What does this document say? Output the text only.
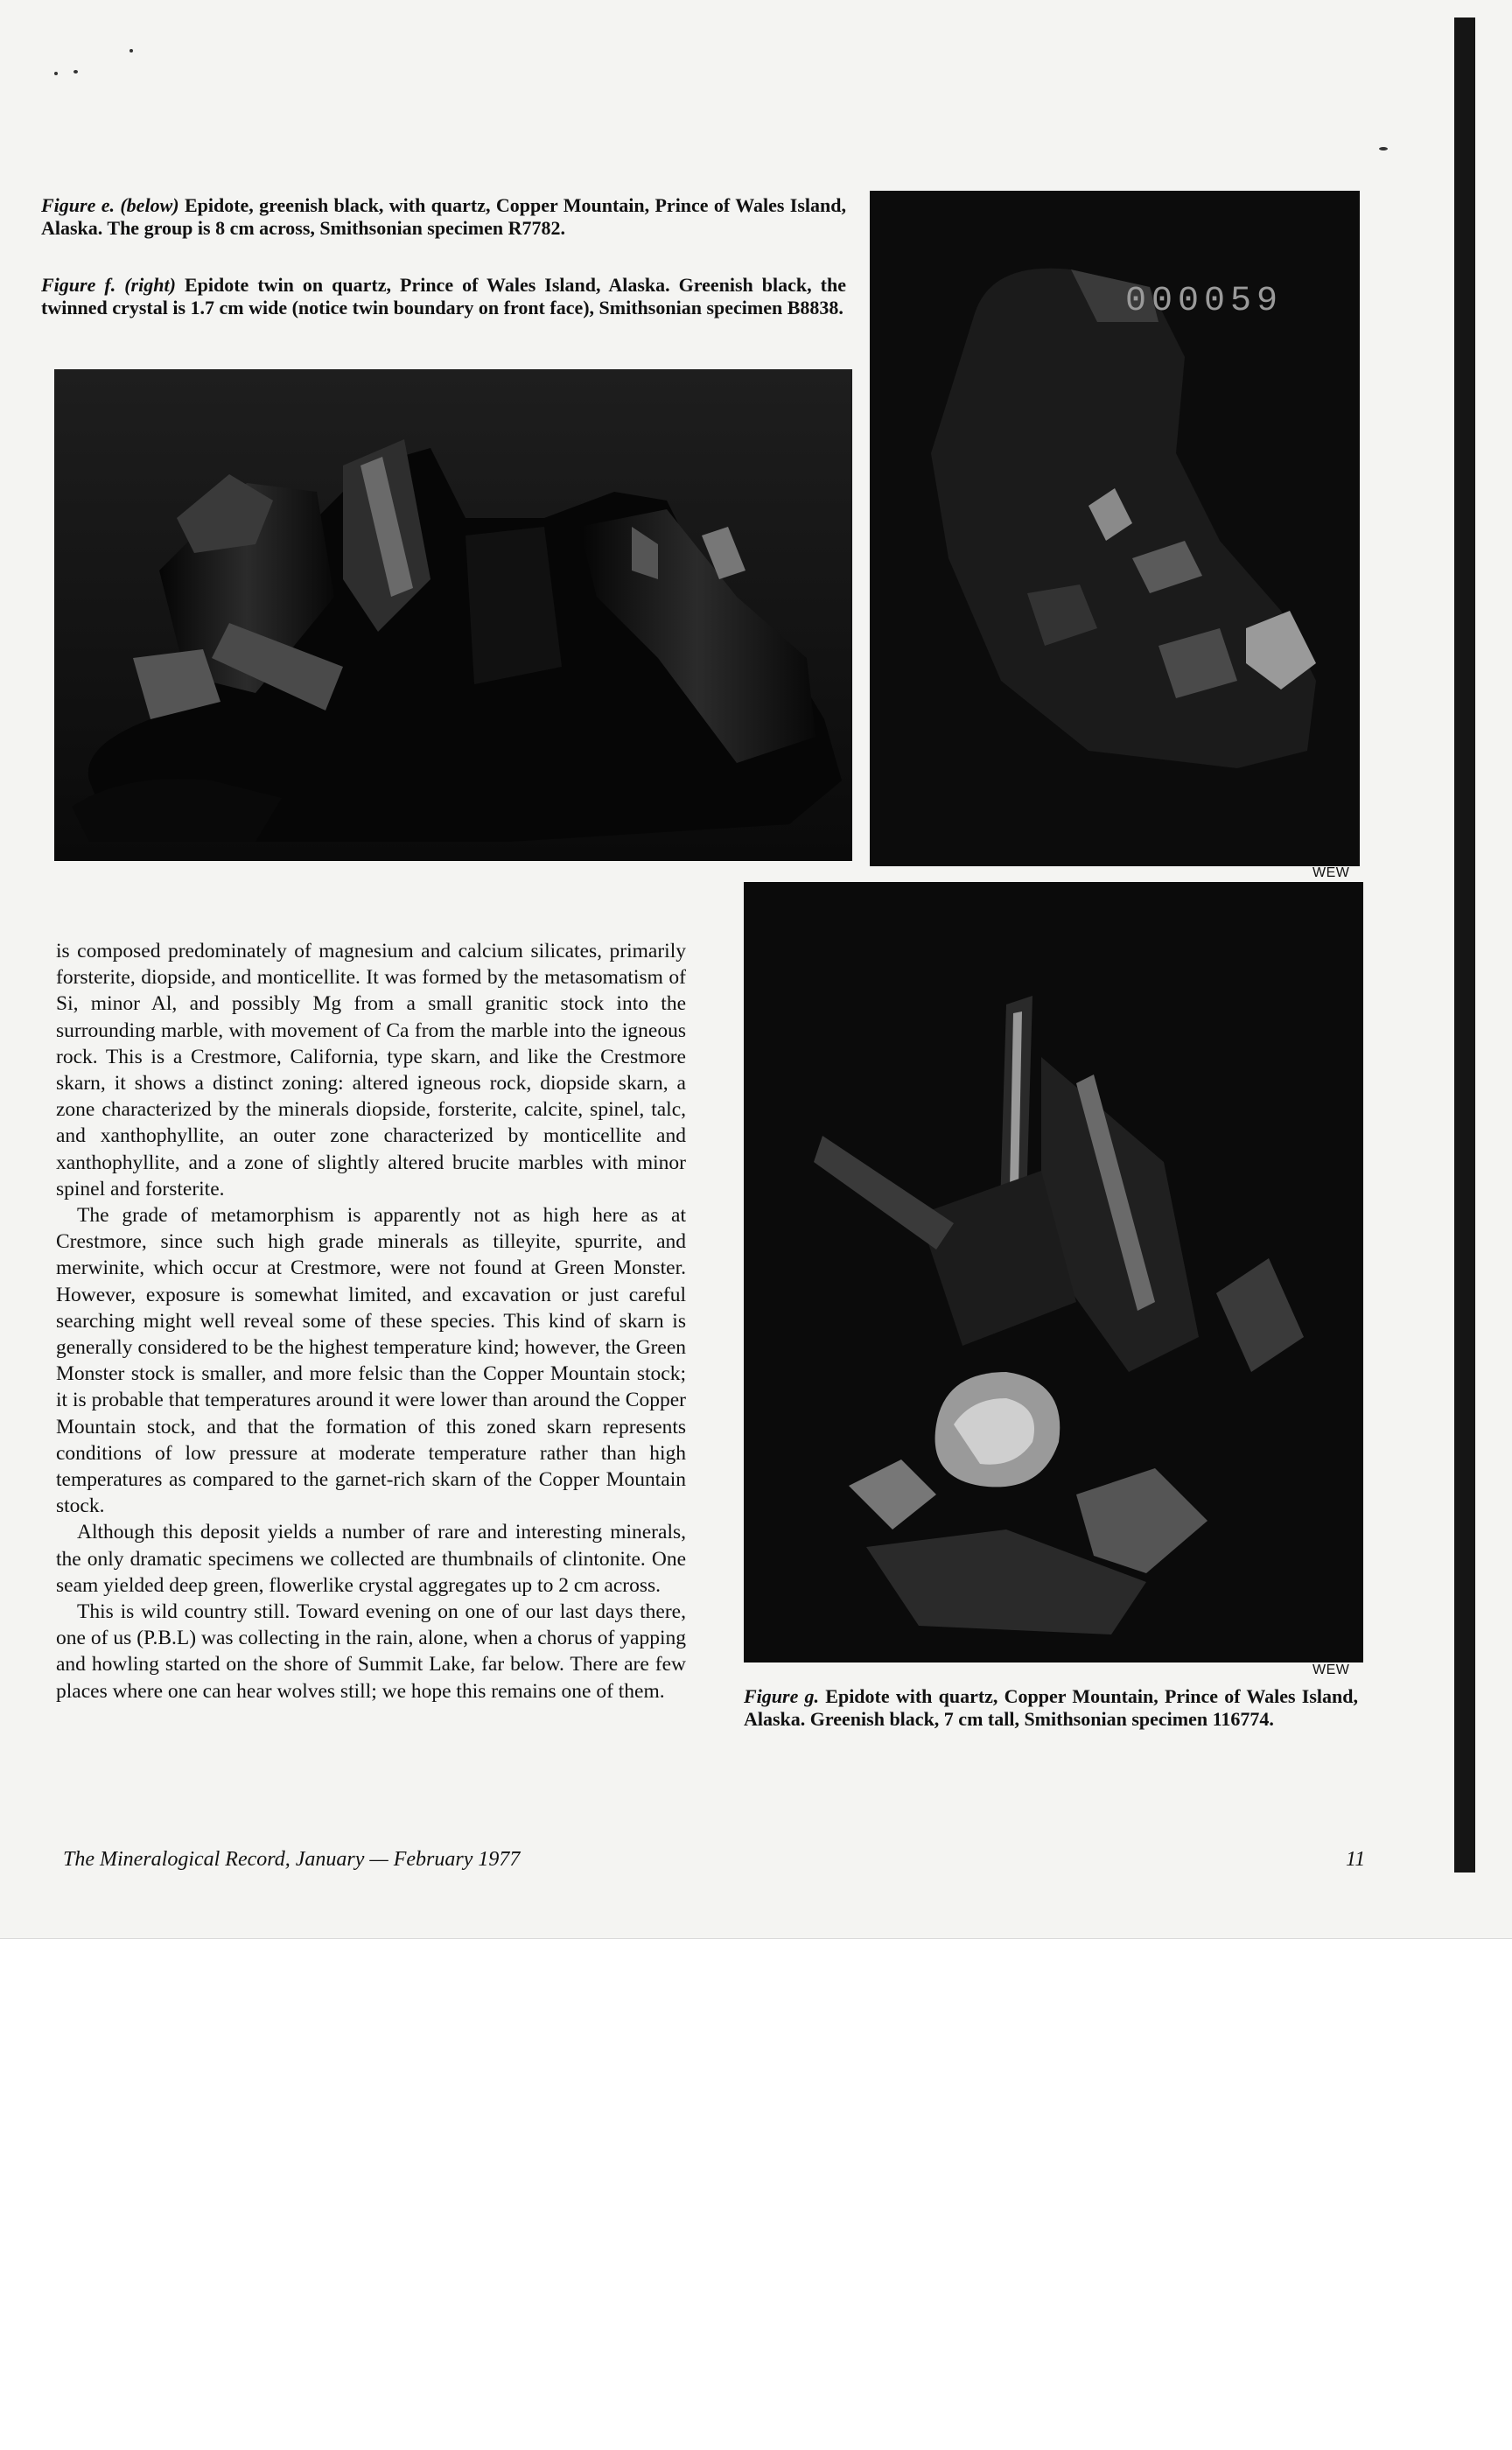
Figure e. (below) Epidote, greenish black, with quartz, Copper Mountain, Prince of Wales Island, Alaska. The group is 8 cm across, Smithsonian specimen R7782.
Figure f. (right) Epidote twin on quartz, Prince of Wales Island, Alaska. Greenish black, the twinned crystal is 1.7 cm wide (notice twin boundary on front face), Smithsonian specimen B8838.	000059
WEW
WEW
Figure g. Epidote with quartz, Copper Mountain, Prince of Wales Island, Alaska. Greenish black, 7 cm tall, Smithsonian specimen 116774.

is composed predominately of magnesium and calcium silicates, primarily forsterite, diopside, and monticellite. It was formed by the metasomatism of Si, minor Al, and possibly Mg from a small granitic stock into the surrounding marble, with movement of Ca from the marble into the igneous rock. This is a Crestmore, California, type skarn, and like the Crestmore skarn, it shows a distinct zoning: altered igneous rock, diopside skarn, a zone characterized by the minerals diopside, forsterite, calcite, spinel, talc, and xanthophyllite, an outer zone characterized by monticellite and xanthophyllite, and a zone of slightly altered brucite marbles with minor spinel and forsterite.

The grade of metamorphism is apparently not as high here as at Crestmore, since such high grade minerals as tilleyite, spurrite, and merwinite, which occur at Crestmore, were not found at Green Monster. However, exposure is somewhat limited, and excavation or just careful searching might well reveal some of these species. This kind of skarn is generally considered to be the highest temperature kind; however, the Green Monster stock is smaller, and more felsic than the Copper Mountain stock; it is probable that temperatures around it were lower than around the Copper Mountain stock, and that the formation of this zoned skarn represents conditions of low pressure at moderate temperature rather than high temperatures as compared to the garnet-rich skarn of the Copper Mountain stock.

Although this deposit yields a number of rare and interesting minerals, the only dramatic specimens we collected are thumbnails of clintonite. One seam yielded deep green, flowerlike crystal aggregates up to 2 cm across.

This is wild country still. Toward evening on one of our last days there, one of us (P.B.L) was collecting in the rain, alone, when a chorus of yapping and howling started on the shore of Summit Lake, far below. There are few places where one can hear wolves still; we hope this remains one of them.

The Mineralogical Record, January — February 1977	11
